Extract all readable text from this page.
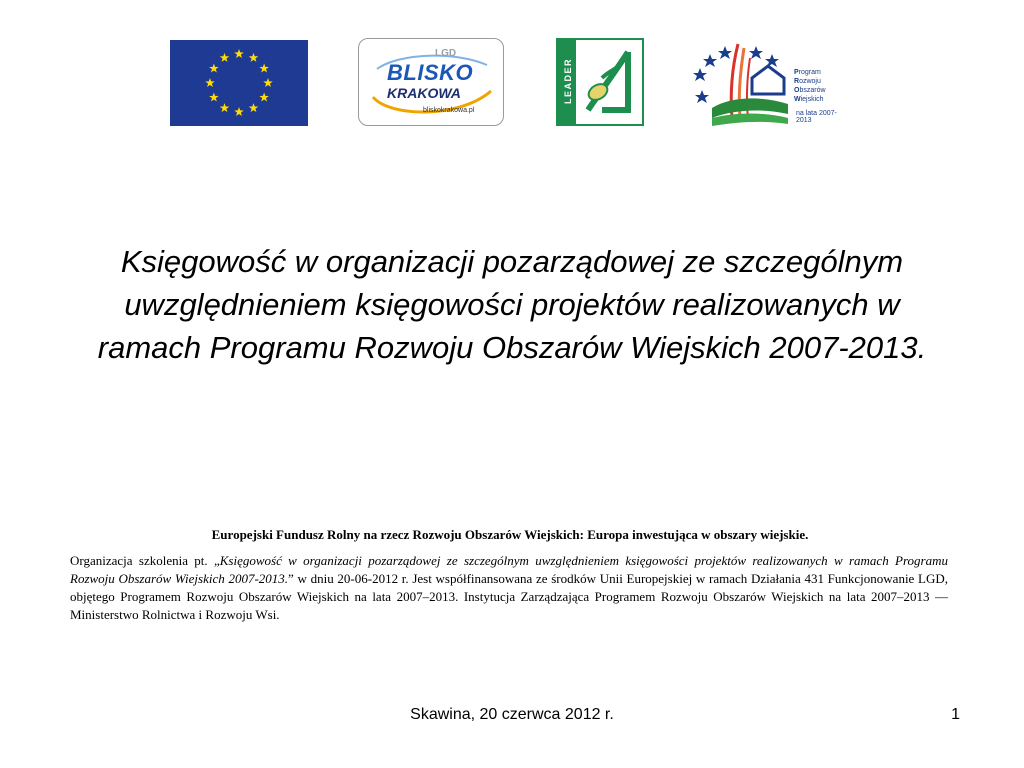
LGD
BLISKO
KRAKOWA
bliskokrakowa.pl
LEADER	Program
Rozwoju
Obszarów
Wiejskich
na lata 2007-2013
Księgowość w organizacji pozarządowej ze szczególnym uwzględnieniem księgowości projektów realizowanych w ramach Programu Rozwoju Obszarów Wiejskich 2007-2013.
Europejski Fundusz Rolny na rzecz Rozwoju Obszarów Wiejskich: Europa inwestująca w obszary wiejskie.

Organizacja szkolenia pt. „Księgowość w organizacji pozarządowej ze szczególnym uwzględnieniem księgowości projektów realizowanych w ramach Programu Rozwoju Obszarów Wiejskich 2007-2013.” w dniu 20-06-2012 r. Jest współfinansowana ze środków Unii Europejskiej w ramach Działania 431 Funkcjonowanie LGD, objętego Programem Rozwoju Obszarów Wiejskich na lata 2007–2013. Instytucja Zarządzająca Programem Rozwoju Obszarów Wiejskich na lata 2007–2013 — Ministerstwo Rolnictwa i Rozwoju Wsi.

Skawina, 20 czerwca 2012 r.	1
